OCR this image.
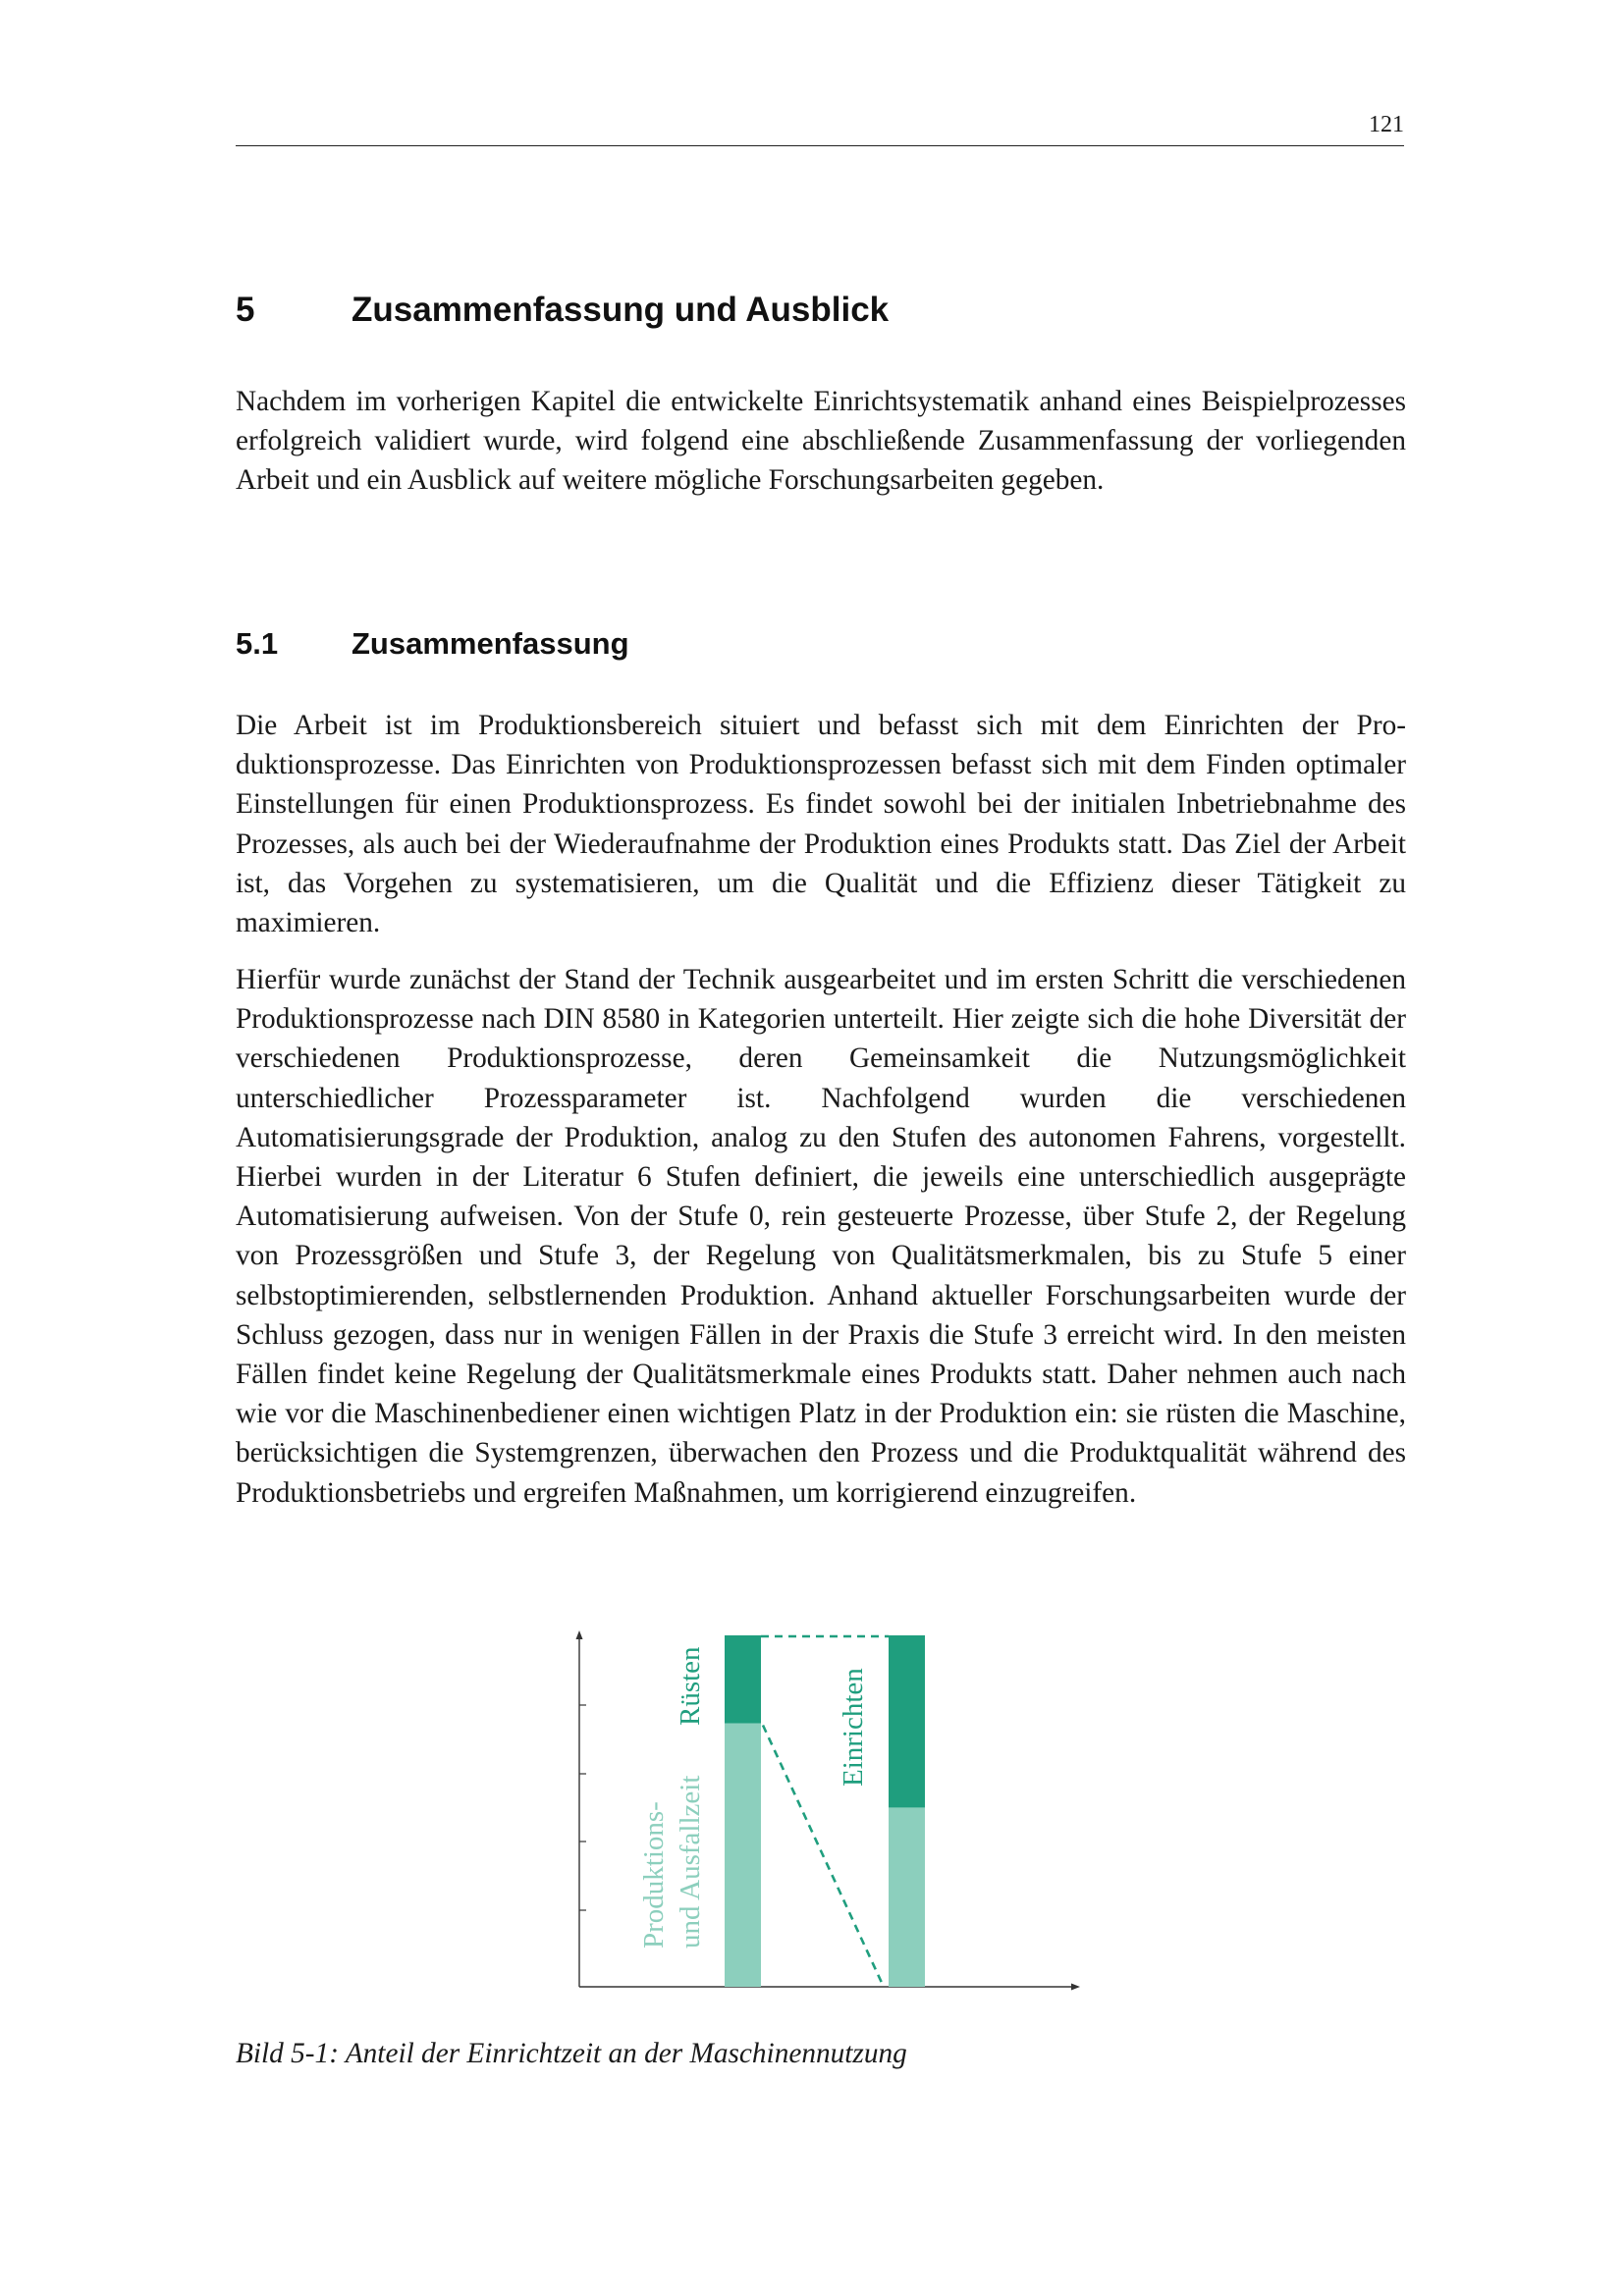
121
5	Zusammenfassung und Ausblick

Nachdem im vorherigen Kapitel die entwickelte Einrichtsystematik anhand eines Beispielprozesses erfolgreich validiert wurde, wird folgend eine abschließende Zusammenfassung der vorliegenden Arbeit und ein Ausblick auf weitere mögliche Forschungsarbeiten gegeben.

5.1 Zusammenfassung

Die Arbeit ist im Produktionsbereich situiert und befasst sich mit dem Einrichten der Produktionsprozesse. Das Einrichten von Produktionsprozessen befasst sich mit dem Finden optimaler Einstellungen für einen Produktionsprozess. Es findet sowohl bei der initialen Inbetriebnahme des Prozesses, als auch bei der Wiederaufnahme der Produktion eines Produkts statt. Das Ziel der Arbeit ist, das Vorgehen zu systematisieren, um die Qualität und die Effizienz dieser Tätigkeit zu maximieren.

Hierfür wurde zunächst der Stand der Technik ausgearbeitet und im ersten Schritt die verschiedenen Produktionsprozesse nach DIN 8580 in Kategorien unterteilt. Hier zeigte sich die hohe Diversität der verschiedenen Produktionsprozesse, deren Gemeinsamkeit die Nutzungsmöglichkeit unterschiedlicher Prozessparameter ist. Nachfolgend wurden die verschiedenen Automatisierungsgrade der Produktion, analog zu den Stufen des autonomen Fahrens, vorgestellt. Hierbei wurden in der Literatur 6 Stufen definiert, die jeweils eine unterschiedlich ausgeprägte Automatisierung aufweisen. Von der Stufe 0, rein gesteuerte Prozesse, über Stufe 2, der Regelung von Prozessgrößen und Stufe 3, der Regelung von Qualitätsmerkmalen, bis zu Stufe 5 einer selbstoptimierenden, selbstlernenden Produktion. Anhand aktueller Forschungsarbeiten wurde der Schluss gezogen, dass nur in wenigen Fällen in der Praxis die Stufe 3 erreicht wird. In den meisten Fällen findet keine Regelung der Qualitätsmerkmale eines Produkts statt. Daher nehmen auch nach wie vor die Maschinenbediener einen wichtigen Platz in der Produktion ein: sie rüsten die Maschine, berücksichtigen die Systemgrenzen, überwachen den Prozess und die Produktqualität während des Produktionsbetriebs und ergreifen Maßnahmen, um korrigierend einzugreifen.

Produktions- und Ausfallzeit
Rüsten	Einrichten
Bild 5-1: Anteil der Einrichtzeit an der Maschinennutzung
